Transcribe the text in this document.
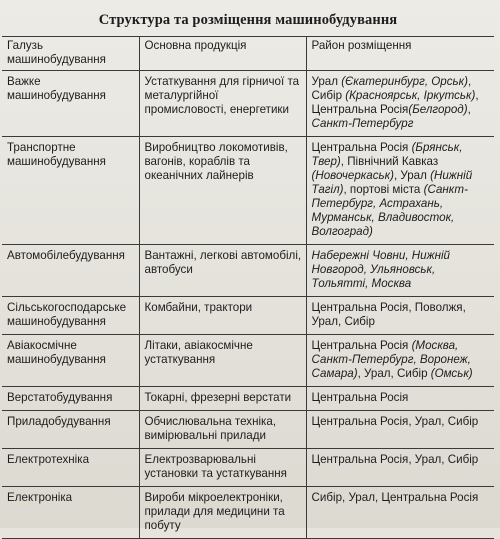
Структура та розміщення машинобудування
Галузь машинобудування	Основна продукція	Район розміщення
Важке машинобудування	Устаткування для гірничої та металургійної промисловості, енергетики	Урал (Єкатеринбург, Орськ), Сибір (Красноярськ, Іркутськ), Центральна Росія(Белгород), Санкт-Петербург
Транспортне машинобудування	Виробництво локомотивів, вагонів, кораблів та океанічних лайнерів	Центральна Росія (Брянськ, Твер), Північний Кавказ (Новочеркаськ), Урал (Нижній Тагіл), портові міста (Санкт-Петербург, Астрахань, Мурманськ, Владивосток, Волгоград)
Автомобілебудування	Вантажні, легкові автомобілі, автобуси	Набережні Човни, Нижній Новгород, Ульяновськ, Тольятті, Москва
Сільськогосподарське машинобудування	Комбайни, трактори	Центральна Росія, Поволжя, Урал, Сибір
Авіакосмічне машинобудування	Літаки, авіакосмічне устаткування	Центральна Росія (Москва, Санкт-Петербург, Воронеж, Самара), Урал, Сибір (Омськ)
Верстатобудування	Токарні, фрезерні верстати	Центральна Росія
Приладобудування	Обчислювальна техніка, вимірювальні прилади	Центральна Росія, Урал, Сибір
Електротехніка	Електрозварювальні установки та устаткування	Центральна Росія, Урал, Сибір
Електроніка	Вироби мікроелектроніки, прилади для медицини та побуту	Сибір, Урал, Центральна Росія
